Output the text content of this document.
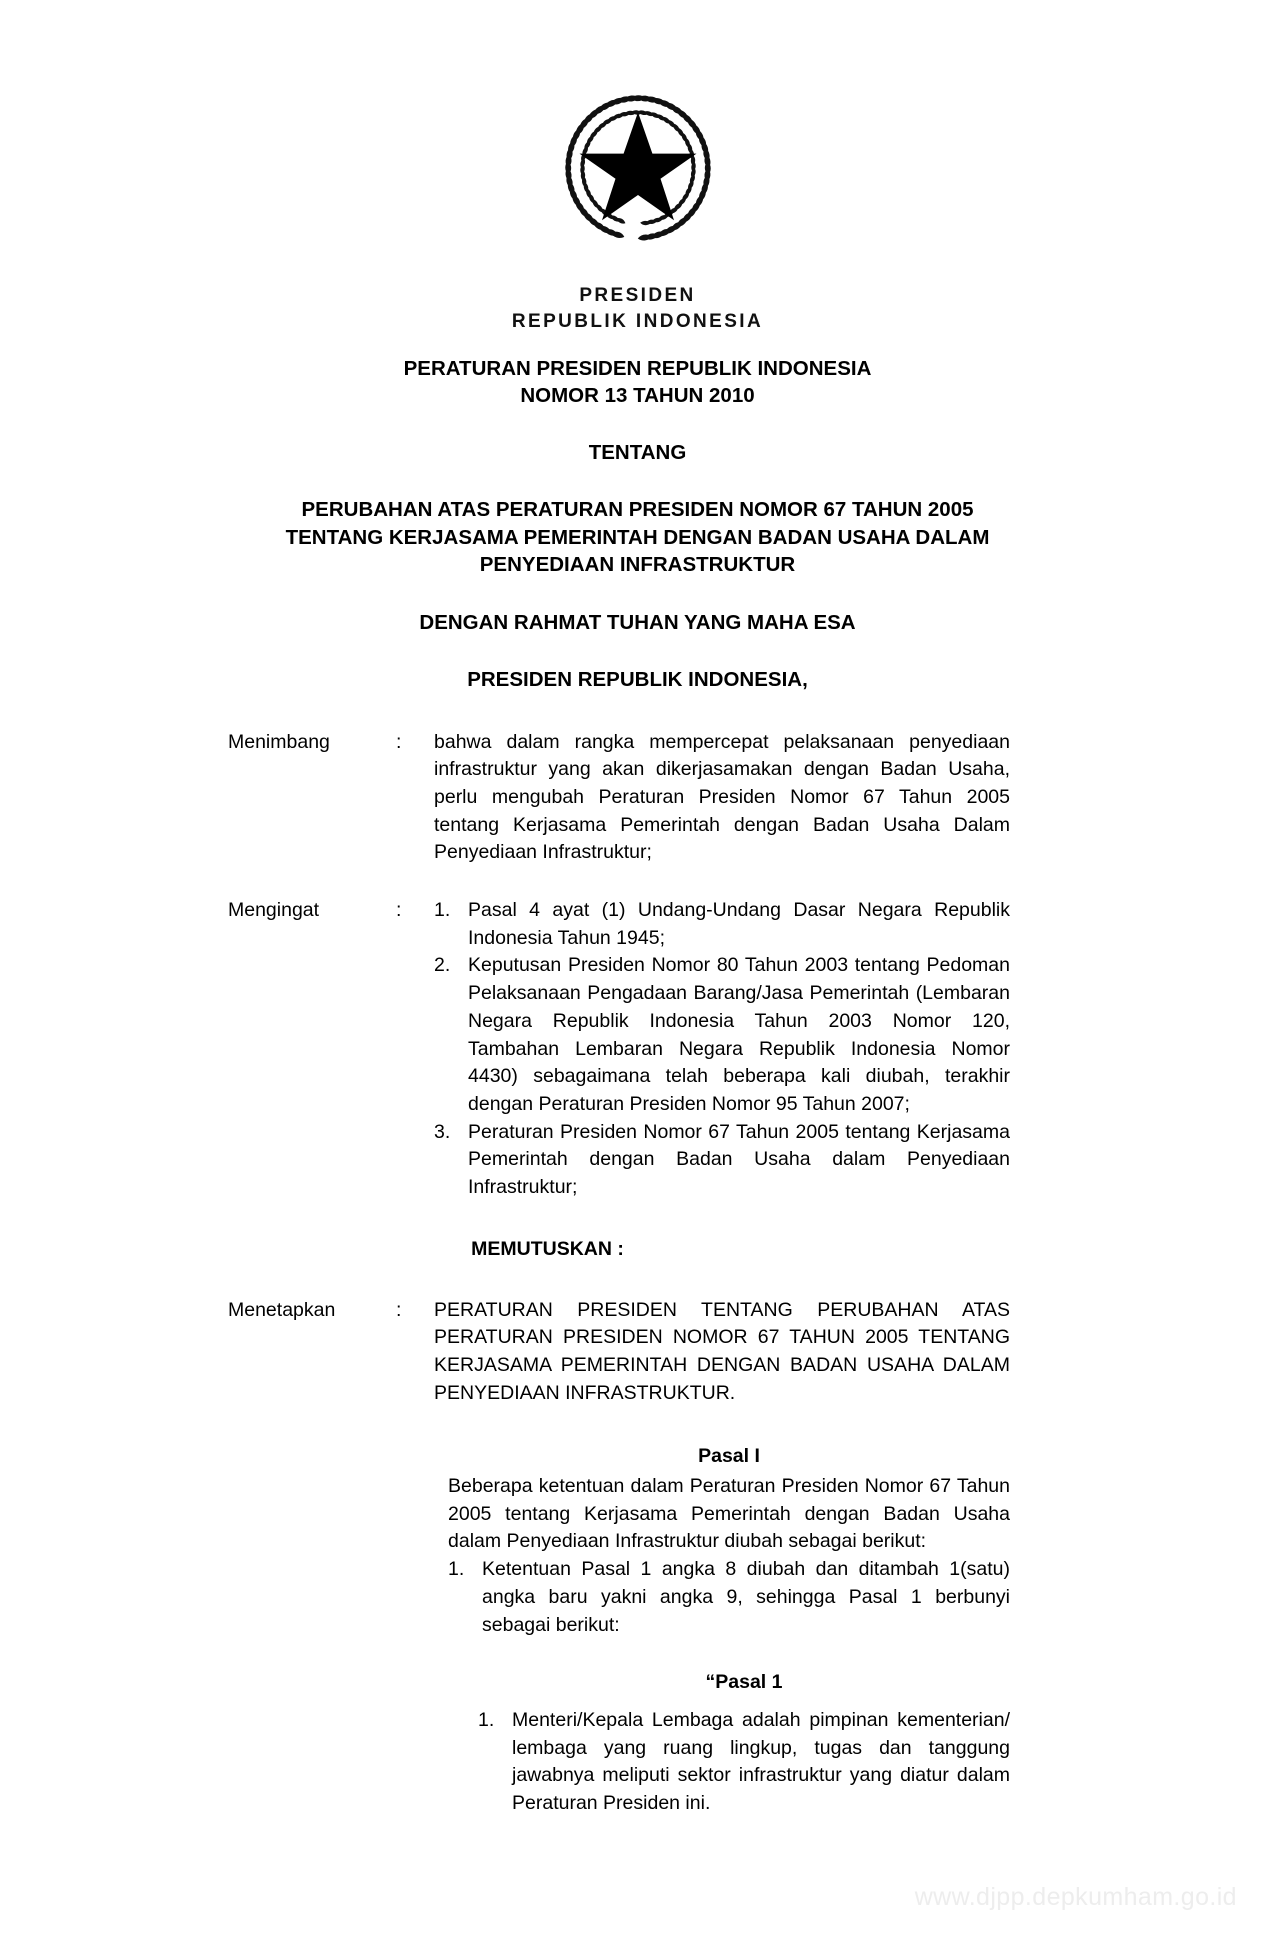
PRESIDEN
REPUBLIK INDONESIA
PERATURAN PRESIDEN REPUBLIK INDONESIA
NOMOR 13 TAHUN 2010
TENTANG
PERUBAHAN ATAS PERATURAN PRESIDEN NOMOR 67 TAHUN 2005
TENTANG KERJASAMA PEMERINTAH DENGAN BADAN USAHA DALAM
PENYEDIAAN INFRASTRUKTUR
DENGAN RAHMAT TUHAN YANG MAHA ESA
PRESIDEN REPUBLIK INDONESIA,
Menimbang	:	bahwa dalam rangka mempercepat pelaksanaan penyediaan infrastruktur yang akan dikerjasamakan dengan Badan Usaha, perlu mengubah Peraturan Presiden Nomor 67 Tahun 2005 tentang Kerjasama Pemerintah dengan Badan Usaha Dalam Penyediaan Infrastruktur;

Mengingat	:	1. Pasal 4 ayat (1) Undang-Undang Dasar Negara Republik Indonesia Tahun 1945;
2. Keputusan Presiden Nomor 80 Tahun 2003 tentang Pedoman Pelaksanaan Pengadaan Barang/Jasa Pemerintah (Lembaran Negara Republik Indonesia Tahun 2003 Nomor 120, Tambahan Lembaran Negara Republik Indonesia Nomor 4430) sebagaimana telah beberapa kali diubah, terakhir dengan Peraturan Presiden Nomor 95 Tahun 2007;
3. Peraturan Presiden Nomor 67 Tahun 2005 tentang Kerjasama Pemerintah dengan Badan Usaha dalam Penyediaan Infrastruktur;
MEMUTUSKAN :
Menetapkan	:	PERATURAN PRESIDEN TENTANG PERUBAHAN ATAS PERATURAN PRESIDEN NOMOR 67 TAHUN 2005 TENTANG KERJASAMA PEMERINTAH DENGAN BADAN USAHA DALAM PENYEDIAAN INFRASTRUKTUR.

Pasal I

Beberapa ketentuan dalam Peraturan Presiden Nomor 67 Tahun 2005 tentang Kerjasama Pemerintah dengan Badan Usaha dalam Penyediaan Infrastruktur diubah sebagai berikut:

1. Ketentuan Pasal 1 angka 8 diubah dan ditambah 1(satu) angka baru yakni angka 9, sehingga Pasal 1 berbunyi sebagai berikut:
“Pasal 1
1. Menteri/Kepala Lembaga adalah pimpinan kementerian/ lembaga yang ruang lingkup, tugas dan tanggung jawabnya meliputi sektor infrastruktur yang diatur dalam Peraturan Presiden ini.
www.djpp.depkumham.go.id
